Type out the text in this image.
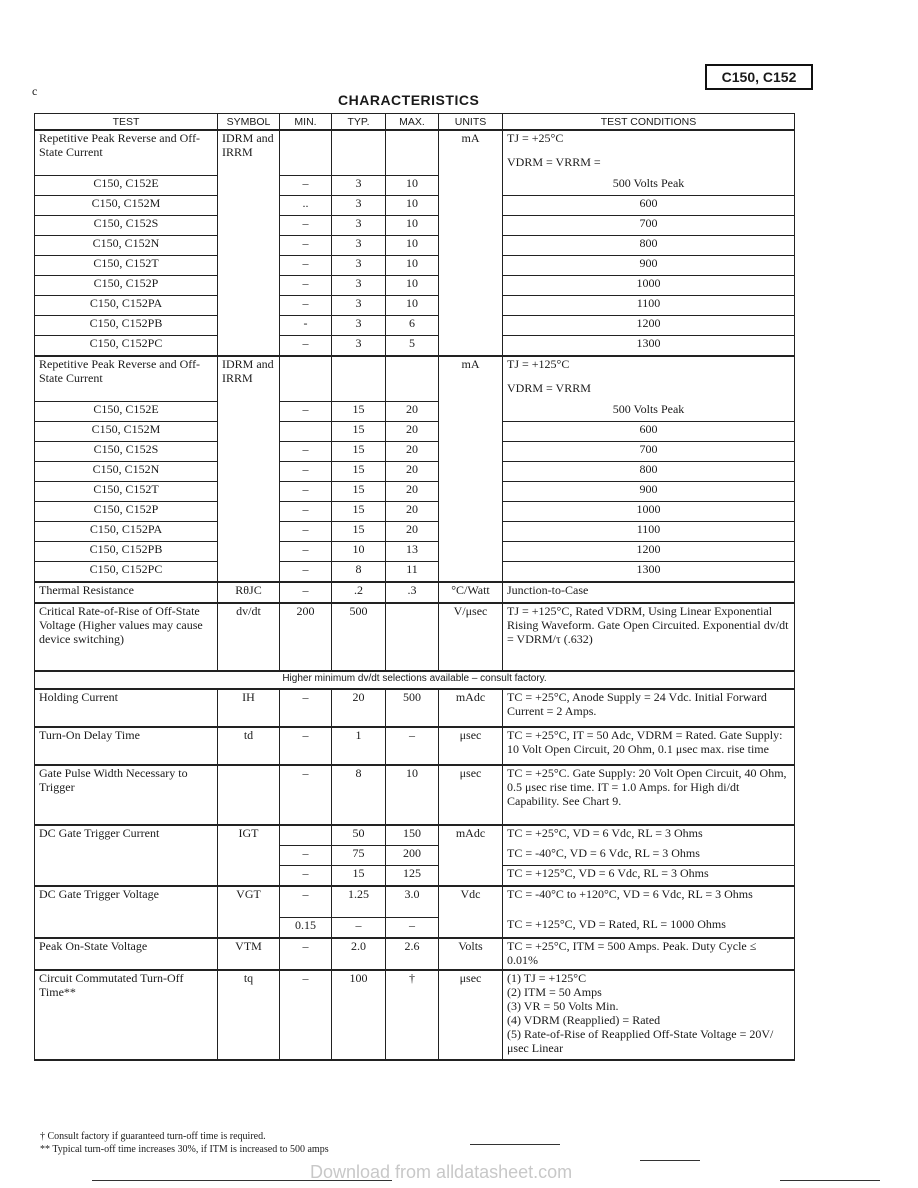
C150, C152
c
CHARACTERISTICS
TEST	SYMBOL	MIN.	TYP.	MAX.	UNITS	TEST CONDITIONS
Repetitive Peak Reverse and Off-State Current	IDRM and IRRM				mA	TJ = +25°C
VDRM = VRRM =

C150, C152E		–	3	10		500 Volts Peak
C150, C152M		..	3	10		600
C150, C152S		–	3	10		700
C150, C152N		–	3	10		800
C150, C152T		–	3	10		900
C150, C152P		–	3	10		1000
C150, C152PA		–	3	10		1100
C150, C152PB		-	3	6		1200
C150, C152PC		–	3	5		1300
Repetitive Peak Reverse and Off-State Current	IDRM and IRRM				mA	TJ = +125°C
VDRM = VRRM

C150, C152E		–	15	20		500 Volts Peak
C150, C152M			15	20		600
C150, C152S		–	15	20		700
C150, C152N		–	15	20		800
C150, C152T		–	15	20		900
C150, C152P		–	15	20		1000
C150, C152PA		–	15	20		1100
C150, C152PB		–	10	13		1200
C150, C152PC		–	8	11		1300
Thermal Resistance	RθJC	–	.2	.3	°C/Watt	Junction-to-Case
Critical Rate-of-Rise of Off-State Voltage (Higher values may cause device switching)	dv/dt	200	500		V/μsec	TJ = +125°C, Rated VDRM, Using Linear Exponential Rising Waveform. Gate Open Circuited. Exponential dv/dt = VDRM/τ (.632)
Higher minimum dv/dt selections available – consult factory.						
Holding Current	IH	–	20	500	mAdc	TC = +25°C, Anode Supply = 24 Vdc. Initial Forward Current = 2 Amps.
Turn-On Delay Time	td	–	1	–	μsec	TC = +25°C, IT = 50 Adc, VDRM = Rated. Gate Supply: 10 Volt Open Circuit, 20 Ohm, 0.1 μsec max. rise time
Gate Pulse Width Necessary to Trigger		–	8	10	μsec	TC = +25°C. Gate Supply: 20 Volt Open Circuit, 40 Ohm, 0.5 μsec rise time. IT = 1.0 Amps. for High di/dt Capability. See Chart 9.
DC Gate Trigger Current	IGT		50	150	mAdc	TC = +25°C, VD = 6 Vdc, RL = 3 Ohms
		–	75	200		TC = -40°C, VD = 6 Vdc, RL = 3 Ohms
		–	15	125		TC = +125°C, VD = 6 Vdc, RL = 3 Ohms
DC Gate Trigger Voltage	VGT	–	1.25	3.0	Vdc	TC = -40°C to +120°C, VD = 6 Vdc, RL = 3 Ohms
		0.15	–	–		TC = +125°C, VD = Rated, RL = 1000 Ohms
Peak On-State Voltage	VTM	–	2.0	2.6	Volts	TC = +25°C, ITM = 500 Amps. Peak. Duty Cycle ≤ 0.01%
Circuit Commutated Turn-Off Time**	tq	–	100	†	μsec	(1) TJ = +125°C
(2) ITM = 50 Amps
(3) VR = 50 Volts Min.
(4) VDRM (Reapplied) = Rated
(5) Rate-of-Rise of Reapplied Off-State Voltage = 20V/μsec Linear
† Consult factory if guaranteed turn-off time is required.
** Typical turn-off time increases 30%, if ITM is increased to 500 amps
Download from alldatasheet.com
